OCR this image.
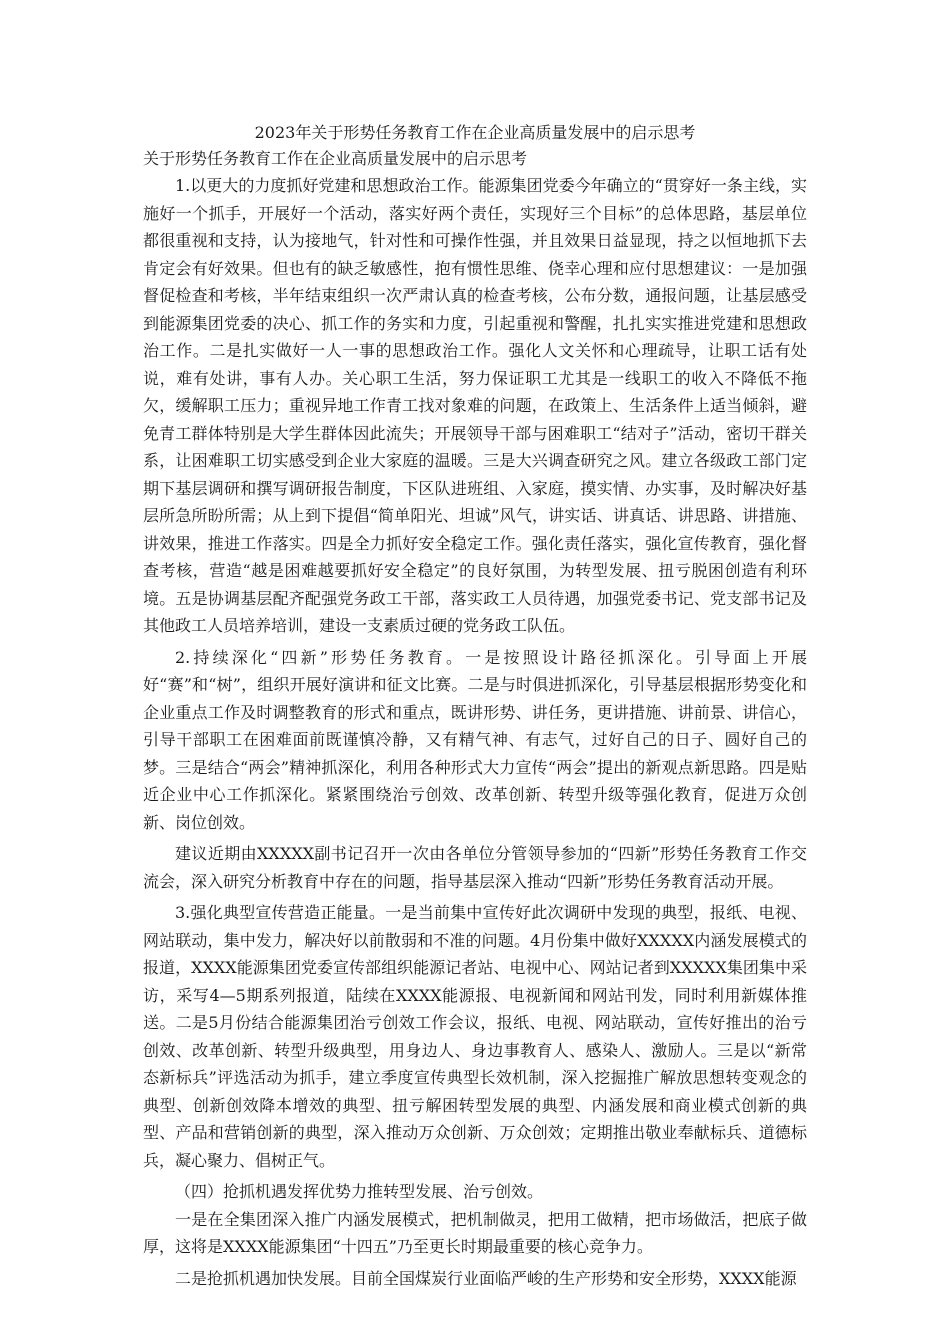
2023年关于形势任务教育工作在企业高质量发展中的启示思考
关于形势任务教育工作在企业高质量发展中的启示思考

1.以更大的力度抓好党建和思想政治工作。能源集团党委今年确立的“贯穿好一条主线，实施好一个抓手，开展好一个活动，落实好两个责任，实现好三个目标”的总体思路，基层单位都很重视和支持，认为接地气，针对性和可操作性强，并且效果日益显现，持之以恒地抓下去肯定会有好效果。但也有的缺乏敏感性，抱有惯性思维、侥幸心理和应付思想建议：一是加强督促检查和考核，半年结束组织一次严肃认真的检查考核，公布分数，通报问题，让基层感受到能源集团党委的决心、抓工作的务实和力度，引起重视和警醒，扎扎实实推进党建和思想政治工作。二是扎实做好一人一事的思想政治工作。强化人文关怀和心理疏导，让职工话有处说，难有处讲，事有人办。关心职工生活，努力保证职工尤其是一线职工的收入不降低不拖欠，缓解职工压力；重视异地工作青工找对象难的问题，在政策上、生活条件上适当倾斜，避免青工群体特别是大学生群体因此流失；开展领导干部与困难职工“结对子”活动，密切干群关系，让困难职工切实感受到企业大家庭的温暖。三是大兴调查研究之风。建立各级政工部门定期下基层调研和撰写调研报告制度，下区队进班组、入家庭，摸实情、办实事，及时解决好基层所急所盼所需；从上到下提倡“简单阳光、坦诚”风气，讲实话、讲真话、讲思路、讲措施、讲效果，推进工作落实。四是全力抓好安全稳定工作。强化责任落实，强化宣传教育，强化督查考核，营造“越是困难越要抓好安全稳定”的良好氛围，为转型发展、扭亏脱困创造有利环境。五是协调基层配齐配强党务政工干部，落实政工人员待遇，加强党委书记、党支部书记及其他政工人员培养培训，建设一支素质过硬的党务政工队伍。

2.持续深化“四新”形势任务教育。一是按照设计路径抓深化。引导面上开展好“赛”和“树”，组织开展好演讲和征文比赛。二是与时俱进抓深化，引导基层根据形势变化和企业重点工作及时调整教育的形式和重点，既讲形势、讲任务，更讲措施、讲前景、讲信心，引导干部职工在困难面前既谨慎冷静，又有精气神、有志气，过好自己的日子、圆好自己的梦。三是结合“两会”精神抓深化，利用各种形式大力宣传“两会”提出的新观点新思路。四是贴近企业中心工作抓深化。紧紧围绕治亏创效、改革创新、转型升级等强化教育，促进万众创新、岗位创效。

建议近期由XXXXX副书记召开一次由各单位分管领导参加的“四新”形势任务教育工作交流会，深入研究分析教育中存在的问题，指导基层深入推动“四新”形势任务教育活动开展。

3.强化典型宣传营造正能量。一是当前集中宣传好此次调研中发现的典型，报纸、电视、网站联动，集中发力，解决好以前散弱和不准的问题。4月份集中做好XXXXX内涵发展模式的报道，XXXX能源集团党委宣传部组织能源记者站、电视中心、网站记者到XXXXX集团集中采访，采写4—5期系列报道，陆续在XXXX能源报、电视新闻和网站刊发，同时利用新媒体推送。二是5月份结合能源集团治亏创效工作会议，报纸、电视、网站联动，宣传好推出的治亏创效、改革创新、转型升级典型，用身边人、身边事教育人、感染人、激励人。三是以“新常态新标兵”评选活动为抓手，建立季度宣传典型长效机制，深入挖掘推广解放思想转变观念的典型、创新创效降本增效的典型、扭亏解困转型发展的典型、内涵发展和商业模式创新的典型、产品和营销创新的典型，深入推动万众创新、万众创效；定期推出敬业奉献标兵、道德标兵，凝心聚力、倡树正气。

（四）抢抓机遇发挥优势力推转型发展、治亏创效。

一是在全集团深入推广内涵发展模式，把机制做灵，把用工做精，把市场做活，把底子做厚，这将是XXXX能源集团“十四五”乃至更长时期最重要的核心竞争力。

二是抢抓机遇加快发展。目前全国煤炭行业面临严峻的生产形势和安全形势，XXXX能源
